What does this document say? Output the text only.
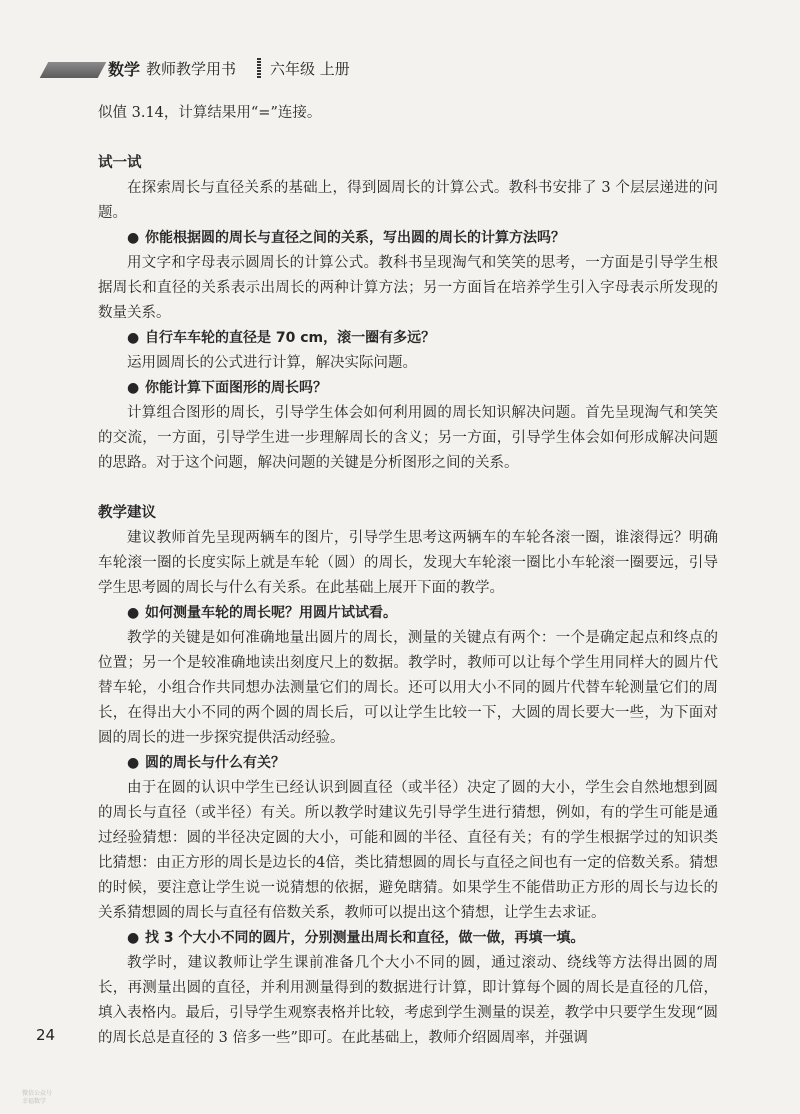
数学 教师教学用书 六年级 上册

似值 3.14，计算结果用“=”连接。

试一试

在探索周长与直径关系的基础上，得到圆周长的计算公式。教科书安排了 3 个层层递进的问题。

● 你能根据圆的周长与直径之间的关系，写出圆的周长的计算方法吗？

用文字和字母表示圆周长的计算公式。教科书呈现淘气和笑笑的思考，一方面是引导学生根据周长和直径的关系表示出周长的两种计算方法；另一方面旨在培养学生引入字母表示所发现的数量关系。

● 自行车车轮的直径是 70 cm，滚一圈有多远？

运用圆周长的公式进行计算，解决实际问题。

● 你能计算下面图形的周长吗？

计算组合图形的周长，引导学生体会如何利用圆的周长知识解决问题。首先呈现淘气和笑笑的交流，一方面，引导学生进一步理解周长的含义；另一方面，引导学生体会如何形成解决问题的思路。对于这个问题，解决问题的关键是分析图形之间的关系。

教学建议

建议教师首先呈现两辆车的图片，引导学生思考这两辆车的车轮各滚一圈，谁滚得远？明确车轮滚一圈的长度实际上就是车轮（圆）的周长，发现大车轮滚一圈比小车轮滚一圈要远，引导学生思考圆的周长与什么有关系。在此基础上展开下面的教学。

● 如何测量车轮的周长呢？用圆片试试看。

教学的关键是如何准确地量出圆片的周长，测量的关键点有两个：一个是确定起点和终点的位置；另一个是较准确地读出刻度尺上的数据。教学时，教师可以让每个学生用同样大的圆片代替车轮，小组合作共同想办法测量它们的周长。还可以用大小不同的圆片代替车轮测量它们的周长，在得出大小不同的两个圆的周长后，可以让学生比较一下，大圆的周长要大一些，为下面对圆的周长的进一步探究提供活动经验。

● 圆的周长与什么有关？

由于在圆的认识中学生已经认识到圆直径（或半径）决定了圆的大小，学生会自然地想到圆的周长与直径（或半径）有关。所以教学时建议先引导学生进行猜想，例如，有的学生可能是通过经验猜想：圆的半径决定圆的大小，可能和圆的半径、直径有关；有的学生根据学过的知识类比猜想：由正方形的周长是边长的4倍，类比猜想圆的周长与直径之间也有一定的倍数关系。猜想的时候，要注意让学生说一说猜想的依据，避免瞎猜。如果学生不能借助正方形的周长与边长的关系猜想圆的周长与直径有倍数关系，教师可以提出这个猜想，让学生去求证。

● 找 3 个大小不同的圆片，分别测量出周长和直径，做一做，再填一填。

教学时，建议教师让学生课前准备几个大小不同的圆，通过滚动、绕线等方法得出圆的周长，再测量出圆的直径，并利用测量得到的数据进行计算，即计算每个圆的周长是直径的几倍，填入表格内。最后，引导学生观察表格并比较，考虑到学生测量的误差，教学中只要学生发现“圆的周长总是直径的 3 倍多一些”即可。在此基础上，教师介绍圆周率，并强调

24
微信公众号
幸福数学
